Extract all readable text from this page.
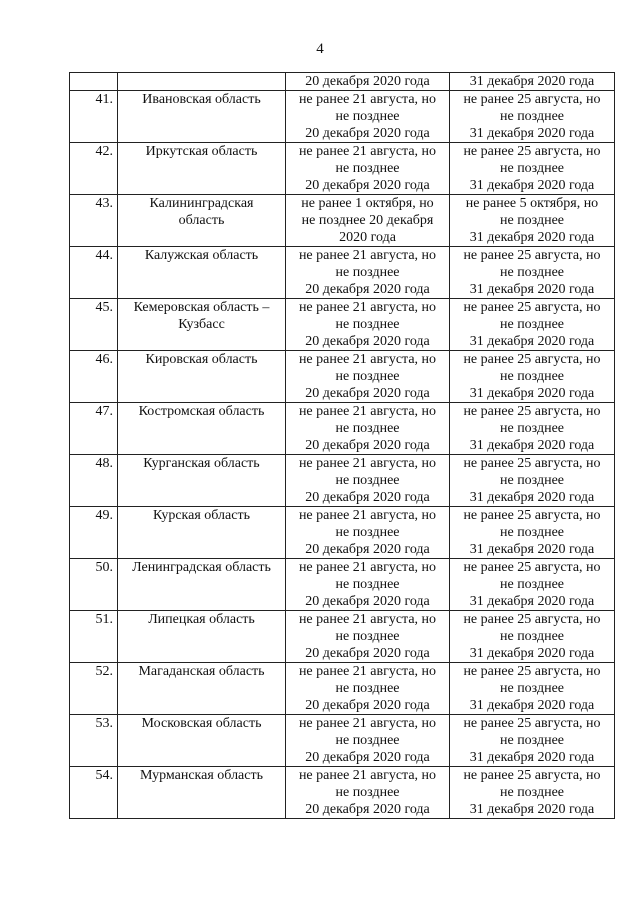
4
		20 декабря 2020 года	31 декабря 2020 года
41.	Ивановская область	не ранее 21 августа, но
не позднее
20 декабря 2020 года	не ранее 25 августа, но
не позднее
31 декабря 2020 года

42.	Иркутская область	не ранее 21 августа, но
не позднее
20 декабря 2020 года	не ранее 25 августа, но
не позднее
31 декабря 2020 года

43.	Калининградская
область	не ранее 1 октября, но
не позднее 20 декабря
2020 года	не ранее 5 октября, но
не позднее
31 декабря 2020 года

44.	Калужская область	не ранее 21 августа, но
не позднее
20 декабря 2020 года	не ранее 25 августа, но
не позднее
31 декабря 2020 года

45.	Кемеровская область –
Кузбасс	не ранее 21 августа, но
не позднее
20 декабря 2020 года	не ранее 25 августа, но
не позднее
31 декабря 2020 года

46.	Кировская область	не ранее 21 августа, но
не позднее
20 декабря 2020 года	не ранее 25 августа, но
не позднее
31 декабря 2020 года

47.	Костромская область	не ранее 21 августа, но
не позднее
20 декабря 2020 года	не ранее 25 августа, но
не позднее
31 декабря 2020 года

48.	Курганская область	не ранее 21 августа, но
не позднее
20 декабря 2020 года	не ранее 25 августа, но
не позднее
31 декабря 2020 года

49.	Курская область	не ранее 21 августа, но
не позднее
20 декабря 2020 года	не ранее 25 августа, но
не позднее
31 декабря 2020 года

50.	Ленинградская область	не ранее 21 августа, но
не позднее
20 декабря 2020 года	не ранее 25 августа, но
не позднее
31 декабря 2020 года

51.	Липецкая область	не ранее 21 августа, но
не позднее
20 декабря 2020 года	не ранее 25 августа, но
не позднее
31 декабря 2020 года

52.	Магаданская область	не ранее 21 августа, но
не позднее
20 декабря 2020 года	не ранее 25 августа, но
не позднее
31 декабря 2020 года

53.	Московская область	не ранее 21 августа, но
не позднее
20 декабря 2020 года	не ранее 25 августа, но
не позднее
31 декабря 2020 года

54.	Мурманская область	не ранее 21 августа, но
не позднее
20 декабря 2020 года	не ранее 25 августа, но
не позднее
31 декабря 2020 года
